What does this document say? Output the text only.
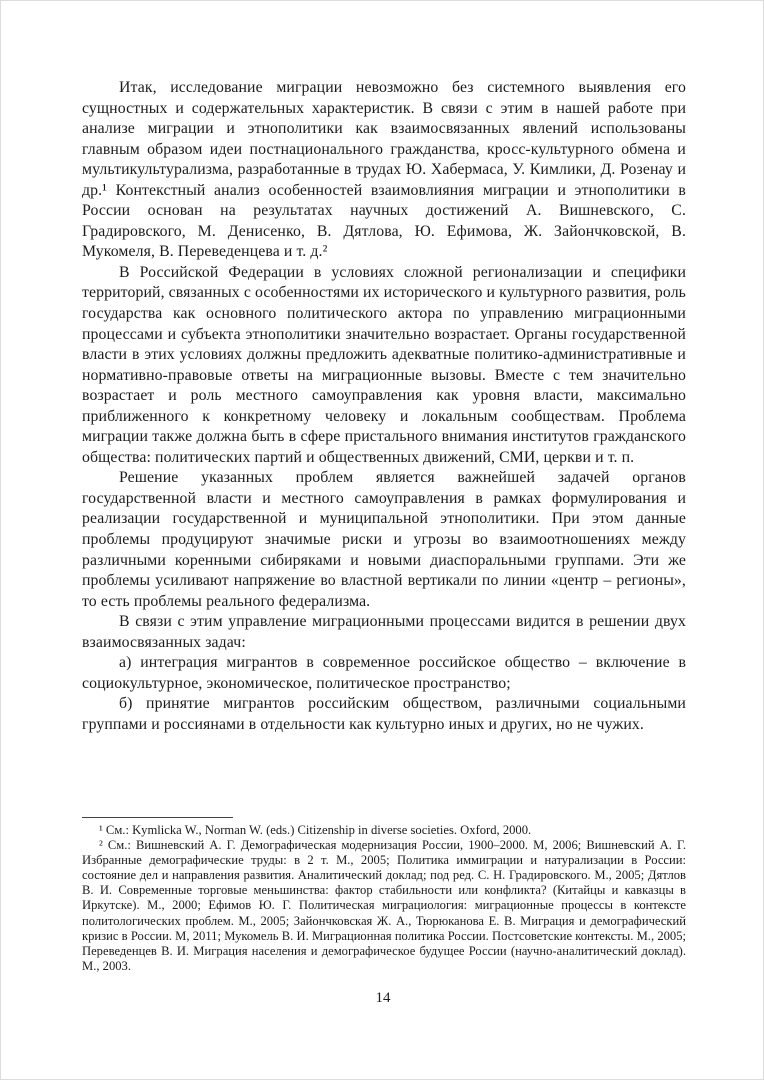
Итак, исследование миграции невозможно без системного выявления его сущностных и содержательных характеристик. В связи с этим в нашей работе при анализе миграции и этнополитики как взаимосвязанных явлений использованы главным образом идеи постнационального гражданства, кросс-культурного обмена и мультикультурализма, разработанные в трудах Ю. Хабермаса, У. Кимлики, Д. Розенау и др.¹ Контекстный анализ особенностей взаимовлияния миграции и этнополитики в России основан на результатах научных достижений А. Вишневского, С. Градировского, М. Денисенко, В. Дятлова, Ю. Ефимова, Ж. Зайончковской, В. Мукомеля, В. Переведенцева и т. д.²

В Российской Федерации в условиях сложной регионализации и специфики территорий, связанных с особенностями их исторического и культурного развития, роль государства как основного политического актора по управлению миграционными процессами и субъекта этнополитики значительно возрастает. Органы государственной власти в этих условиях должны предложить адекватные политико-административные и нормативно-правовые ответы на миграционные вызовы. Вместе с тем значительно возрастает и роль местного самоуправления как уровня власти, максимально приближенного к конкретному человеку и локальным сообществам. Проблема миграции также должна быть в сфере пристального внимания институтов гражданского общества: политических партий и общественных движений, СМИ, церкви и т. п.

Решение указанных проблем является важнейшей задачей органов государственной власти и местного самоуправления в рамках формулирования и реализации государственной и муниципальной этнополитики. При этом данные проблемы продуцируют значимые риски и угрозы во взаимоотношениях между различными коренными сибиряками и новыми диаспоральными группами. Эти же проблемы усиливают напряжение во властной вертикали по линии «центр – регионы», то есть проблемы реального федерализма.

В связи с этим управление миграционными процессами видится в решении двух взаимосвязанных задач:

а) интеграция мигрантов в современное российское общество – включение в социокультурное, экономическое, политическое пространство;

б) принятие мигрантов российским обществом, различными социальными группами и россиянами в отдельности как культурно иных и других, но не чужих.

¹ См.: Kymlicka W., Norman W. (eds.) Citizenship in diverse societies. Oxford, 2000.

² См.: Вишневский А. Г. Демографическая модернизация России, 1900–2000. М, 2006; Вишневский А. Г. Избранные демографические труды: в 2 т. М., 2005; Политика иммиграции и натурализации в России: состояние дел и направления развития. Аналитический доклад; под ред. С. Н. Градировского. М., 2005; Дятлов В. И. Современные торговые меньшинства: фактор стабильности или конфликта? (Китайцы и кавказцы в Иркутске). М., 2000; Ефимов Ю. Г. Политическая миграциология: миграционные процессы в контексте политологических проблем. М., 2005; Зайончковская Ж. А., Тюрюканова Е. В. Миграция и демографический кризис в России. М, 2011; Мукомель В. И. Миграционная политика России. Постсоветские контексты. М., 2005; Переведенцев В. И. Миграция населения и демографическое будущее России (научно-аналитический доклад). М., 2003.

14
